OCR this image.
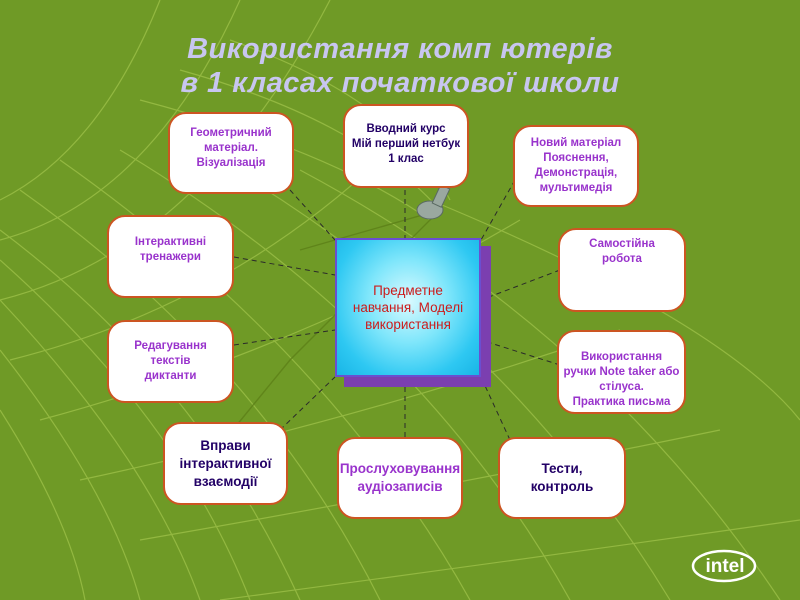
Використання комп ютерів
в 1 класах початкової школи
Геометричний
матеріал.
Візуалізація
Вводний курс
Мій перший нетбук
1 клас
Новий матеріал
Пояснення,
Демонстрація,
мультимедія
Інтерактивні
тренажери
Самостійна
робота
Редагування
текстів
диктанти
Використання
ручки Note taker або
стілуса.
Практика письма
Вправи
інтерактивної
взаємодії
Прослуховування
аудіозаписів
Тести,
контроль
Предметне
навчання, Моделі
використання
intel
